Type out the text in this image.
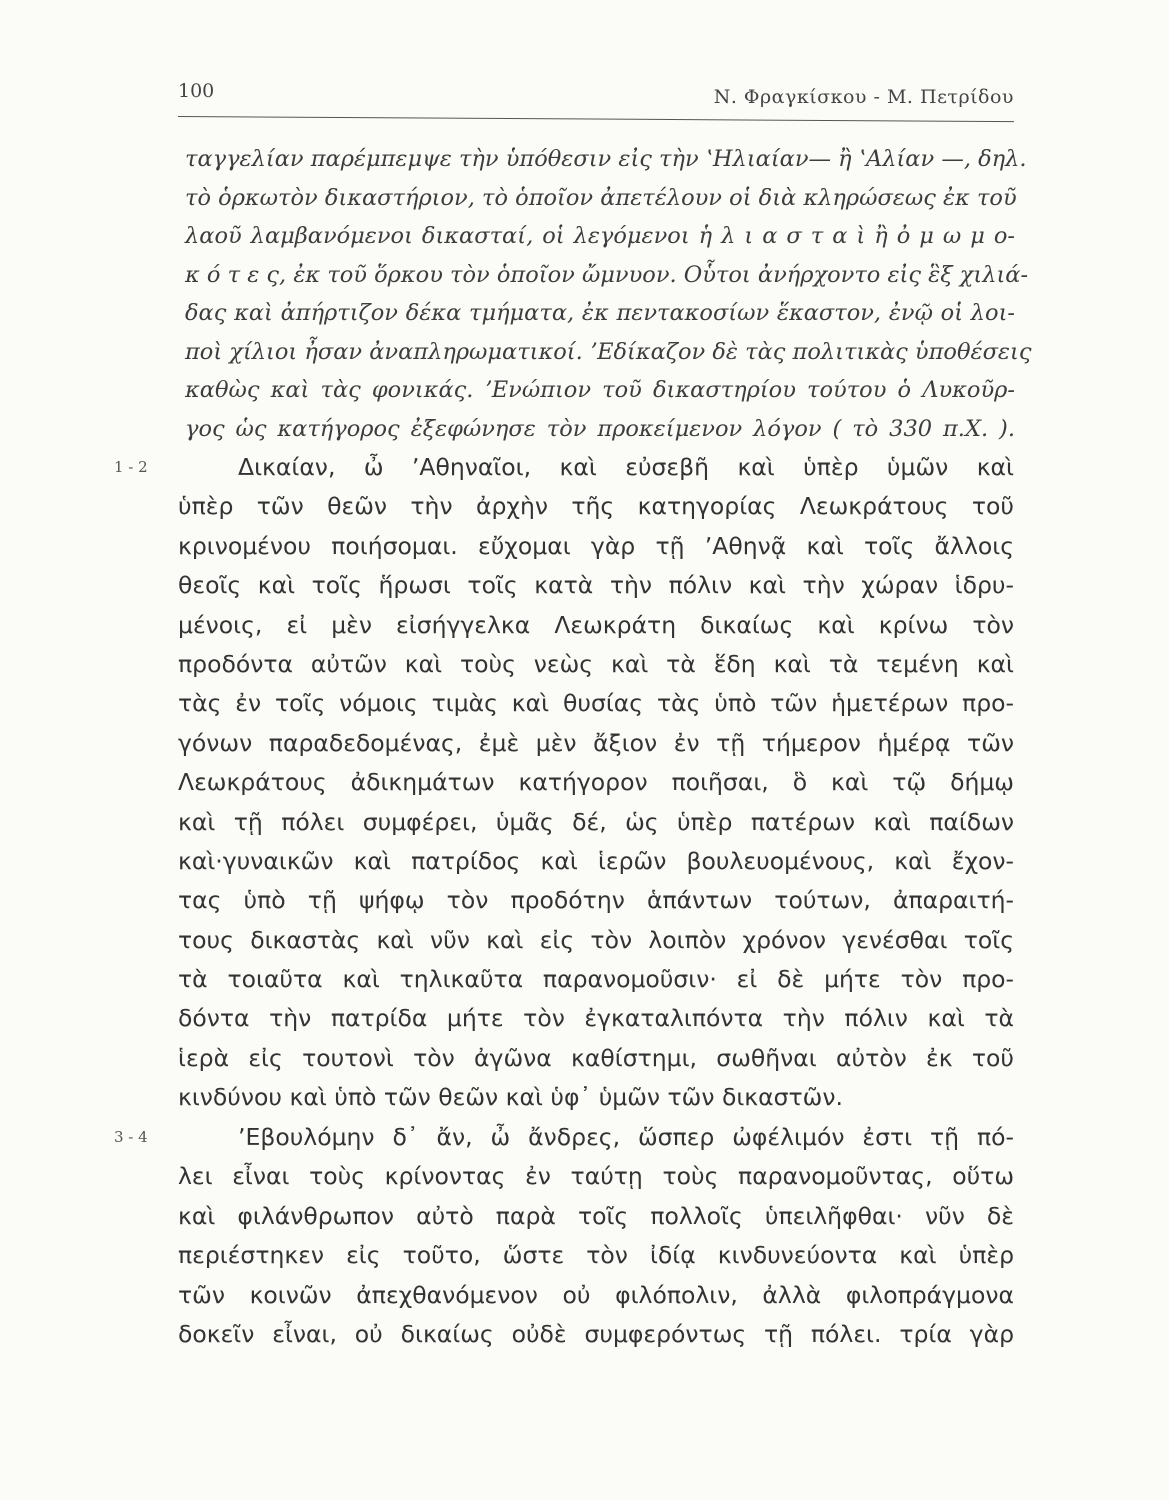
100	Ν. Φραγκίσκου - Μ. Πετρίδου
ταγγελίαν παρέμπεμψε τὴν ὑπόθεσιν εἰς τὴν ʽΗλιαίαν— ἢ ʽΑλίαν —, δηλ.
τὸ ὁρκωτὸν δικαστήριον, τὸ ὁποῖον ἀπετέλουν οἱ διὰ κληρώσεως ἐκ τοῦ
λαοῦ λαμβανόμενοι δικασταί, οἱ λεγόμενοι ἡ λ ι α σ τ α ὶ ἢ ὀ μ ω μ ο-
κ ό τ ε ς, ἐκ τοῦ ὅρκου τὸν ὁποῖον ὤμνυον. Οὗτοι ἀνήρχοντο εἰς ἓξ χιλιά-
δας καὶ ἀπήρτιζον δέκα τμήματα, ἐκ πεντακοσίων ἕκαστον, ἐνῷ οἱ λοι-
ποὶ χίλιοι ἦσαν ἀναπληρωματικοί. ʼΕδίκαζον δὲ τὰς πολιτικὰς ὑποθέσεις
καθὼς καὶ τὰς φονικάς. ʼΕνώπιον τοῦ δικαστηρίου τούτου ὁ Λυκοῦρ-
γος ὡς κατήγορος ἐξεφώνησε τὸν προκείμενον λόγον ( τὸ 330 π.Χ. ).
1 - 2	Δικαίαν, ὦ ʼΑθηναῖοι, καὶ εὐσεβῆ καὶ ὑπὲρ ὑμῶν καὶ
ὑπὲρ τῶν θεῶν τὴν ἀρχὴν τῆς κατηγορίας Λεωκράτους τοῦ
κρινομένου ποιήσομαι. εὔχομαι γὰρ τῇ ʼΑθηνᾷ καὶ τοῖς ἄλλοις
θεοῖς καὶ τοῖς ἥρωσι τοῖς κατὰ τὴν πόλιν καὶ τὴν χώραν ἱδρυ-
μένοις, εἰ μὲν εἰσήγγελκα Λεωκράτη δικαίως καὶ κρίνω τὸν
προδόντα αὐτῶν καὶ τοὺς νεὼς καὶ τὰ ἕδη καὶ τὰ τεμένη καὶ
τὰς ἐν τοῖς νόμοις τιμὰς καὶ θυσίας τὰς ὑπὸ τῶν ἡμετέρων προ-
γόνων παραδεδομένας, ἐμὲ μὲν ἄξιον ἐν τῇ τήμερον ἡμέρᾳ τῶν
Λεωκράτους ἀδικημάτων κατήγορον ποιῆσαι, ὃ καὶ τῷ δήμῳ
καὶ τῇ πόλει συμφέρει, ὑμᾶς δέ, ὡς ὑπὲρ πατέρων καὶ παίδων
καὶ·γυναικῶν καὶ πατρίδος καὶ ἱερῶν βουλευομένους, καὶ ἔχον-
τας ὑπὸ τῇ ψήφῳ τὸν προδότην ἁπάντων τούτων, ἀπαραιτή-
τους δικαστὰς καὶ νῦν καὶ εἰς τὸν λοιπὸν χρόνον γενέσθαι τοῖς
τὰ τοιαῦτα καὶ τηλικαῦτα παρανομοῦσιν· εἰ δὲ μήτε τὸν προ-
δόντα τὴν πατρίδα μήτε τὸν ἐγκαταλιπόντα τὴν πόλιν καὶ τὰ
ἱερὰ εἰς τουτονὶ τὸν ἀγῶνα καθίστημι, σωθῆναι αὐτὸν ἐκ τοῦ
κινδύνου καὶ ὑπὸ τῶν θεῶν καὶ ὑφ᾽ ὑμῶν τῶν δικαστῶν.
3 - 4	ʼΕβουλόμην δ᾽ ἄν, ὦ ἄνδρες, ὥσπερ ὠφέλιμόν ἐστι τῇ πό-
λει εἶναι τοὺς κρίνοντας ἐν ταύτῃ τοὺς παρανομοῦντας, οὕτω
καὶ φιλάνθρωπον αὐτὸ παρὰ τοῖς πολλοῖς ὑπειλῆφθαι· νῦν δὲ
περιέστηκεν εἰς τοῦτο, ὥστε τὸν ἰδίᾳ κινδυνεύοντα καὶ ὑπὲρ
τῶν κοινῶν ἀπεχθανόμενον οὐ φιλόπολιν, ἀλλὰ φιλοπράγμονα
δοκεῖν εἶναι, οὐ δικαίως οὐδὲ συμφερόντως τῇ πόλει. τρία γὰρ
